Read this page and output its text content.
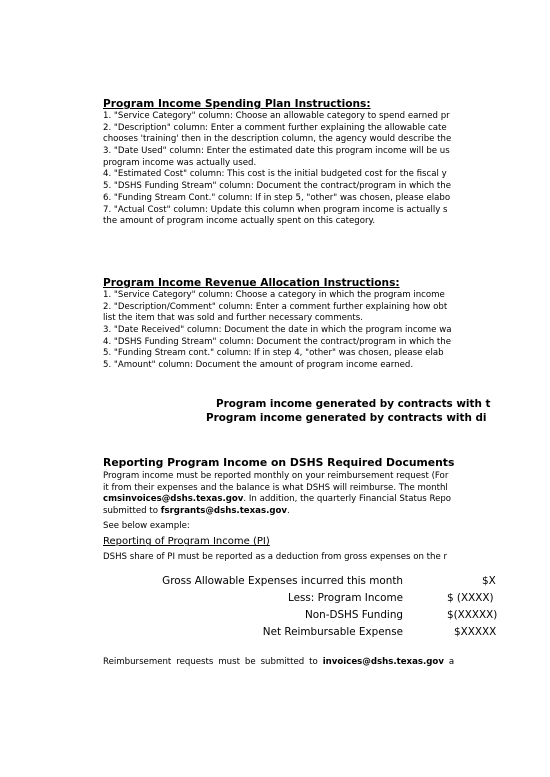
Program Income Spending Plan Instructions:
1. "Service Category" column: Choose an allowable category to spend earned pr
2. "Description" column: Enter a comment further explaining the allowable cate
chooses 'training' then in the description column, the agency would describe the
3. "Date Used" column: Enter the estimated date this program income will be us
program income was actually used.
4. "Estimated Cost" column: This cost is the initial budgeted cost for the fiscal y
5. "DSHS Funding Stream" column: Document the contract/program in which the
6. "Funding Stream Cont." column: If in step 5, "other" was chosen, please elabo
7. "Actual Cost" column: Update this column when program income is actually s
the amount of program income actually spent on this category.
Program Income Revenue Allocation Instructions:
1. "Service Category" column: Choose a category in which the program income
2. "Description/Comment" column: Enter a comment further explaining how obt
list the item that was sold and further necessary comments.
3. "Date Received" column: Document the date in which the program income wa
4. "DSHS Funding Stream" column: Document the contract/program in which the
5. "Funding Stream cont." column: If in step 4, "other" was chosen, please elab
5. "Amount" column: Document the amount of program income earned.
Program income generated by contracts with t
Program income generated by contracts with di
Reporting Program Income on DSHS Required Documents
Program income must be reported monthly on your reimbursement request (For
it from their expenses and the balance is what DSHS will reimburse. The monthl
cmsinvoices@dshs.texas.gov. In addition, the quarterly Financial Status Repo
submitted to fsrgrants@dshs.texas.gov.
See below example:
Reporting of Program Income (PI)
DSHS share of PI must be reported as a deduction from gross expenses on the r
Gross Allowable Expenses incurred this month	$X
Less: Program Income	$ (XXXX)
Non-DSHS Funding	$(XXXXX)
Net Reimbursable Expense	$XXXXX
Reimbursement requests must be submitted to invoices@dshs.texas.gov a
